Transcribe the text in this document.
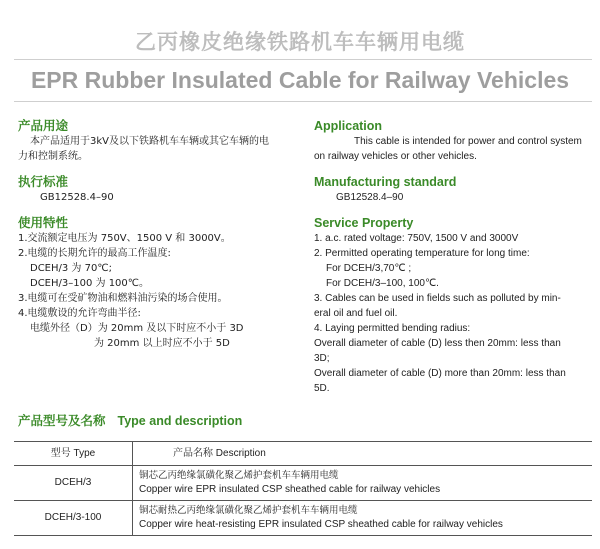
乙丙橡皮绝缘铁路机车车辆用电缆
EPR Rubber Insulated Cable for Railway Vehicles
产品用途
本产品适用于3kV及以下铁路机车车辆或其它车辆的电
力和控制系统。
执行标准
GB12528.4–90
使用特性
1.交流额定电压为 750V、1500 V 和 3000V。
2.电缆的长期允许的最高工作温度:
DCEH/3 为 70℃;
DCEH/3–100 为 100℃。
3.电缆可在受矿物油和燃料油污染的场合使用。
4.电缆敷设的允许弯曲半径:
电缆外径（D）为 20mm 及以下时应不小于 3D
为 20mm 以上时应不小于 5D
Application
This cable is intended for power and control system
on railway vehicles or other vehicles.
Manufacturing standard
GB12528.4–90
Service Property
1. a.c. rated voltage: 750V, 1500 V and 3000V
2. Permitted operating temperature for long time:
For DCEH/3,70℃ ;
For DCEH/3–100, 100℃.
3. Cables can be used in fields such as polluted by min-
eral oil and fuel oil.
4. Laying permitted bending radius:
Overall diameter of cable (D) less then 20mm: less than
3D;
Overall diameter of cable (D) more than 20mm: less than
5D.
产品型号及名称 Type and description
型号 Type	产品名称 Description
DCEH/3	铜芯乙丙绝缘氯磺化聚乙烯护套机车车辆用电缆
Copper wire EPR insulated CSP sheathed cable for railway vehicles

DCEH/3-100	铜芯耐热乙丙绝缘氯磺化聚乙烯护套机车车辆用电缆
Copper wire heat-resisting EPR insulated CSP sheathed cable for railway vehicles
